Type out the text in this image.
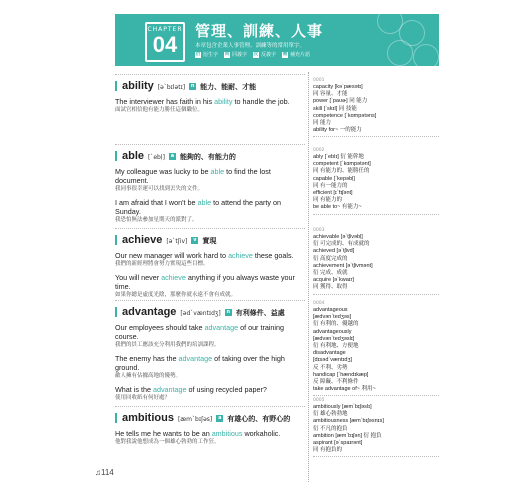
CHAPTER
04
管理、訓練、人事
本章包含企業人事管理、訓練等的常用單字。
衍 衍生字 同 同義字 反 反義字 補 補充片語
ability [əˋbɪlətɪ]	n 能力、能耐、才能
The interviewer has faith in his ability to handle the job.
面試官相信他有能力勝任這個職位。
0001
capacity [kəˋpæsətɪ]
同 容量、才能
power [ˋpaʊɚ] 同 能力
skill [ˋskɪl] 同 技能
competence [ˋkɑmpətəns]
同 能力
ability for~ 一的能力
able [ˋebḷ]	a 能夠的、有能力的
My colleague was lucky to be able to find the lost document.
我同事很幸運可以找到丟失的文件。
I am afraid that I won't be able to attend the party on Sunday.
我恐怕無法參加星期天的派對了。
0002
ably [ˋeblɪ] 衍 能幹地
competent [ˋkɑmpətənt]
同 有能力的、能勝任的
capable [ˋkepəbḷ]
同 有一能力的
efficient [ɪˋfɪʃənt]
同 有能力的
be able to~ 有能力~
achieve [əˋtʃiv]	v 實現
Our new manager will work hard to achieve these goals.
我們的新經理將會努力實現這些目標。
You will never achieve anything if you always waste your time.
如果你總是虛度光陰，那麼你就永遠不會有成就。
0003
achievable [əˋtʃivəbḷ]
衍 可完成的、有成就的
achieved [əˋtʃivd]
衍 高度完成的
achievement [əˋtʃivmənt]
衍 完成、成就
acquire [əˋkwaɪr]
同 獲得、取得
advantage [ədˋvæntɪdʒ]	n 有利條件、益處
Our employees should take advantage of our training course.
我們的員工應該充分利用我們的培訓課程。
The enemy has the advantage of taking over the high ground.
敵人擁有佔據高地的優勢。
What is the advantage of using recycled paper?
使用回收紙有何好處？
0004
advantageous
[ædvənˋtedʒəs]
衍 有利的、優越的
advantageously
[ædvənˋtedʒəslɪ]
衍 有利地、方便地
disadvantage
[dɪsədˋvæntɪdʒ]
反 不利、劣勢
handicap [ˋhændɪkæp]
反 障礙、不利條件
take advantage of~ 利用~
ambitious [æmˋbɪʃəs]	a 有雄心的、有野心的
He tells me he wants to be an ambitious workaholic.
他對我說他想成為一個雄心勃勃的工作狂。
0005
ambitiously [æmˋbɪʃəslɪ]
衍 雄心勃勃地
ambitiousness [æmˋbɪʃəsnɪs]
衍 不凡的抱負
ambition [æmˋbɪʃən] 衍 抱負
aspirant [əˋspaɪrənt]
同 有抱負的
♫114
